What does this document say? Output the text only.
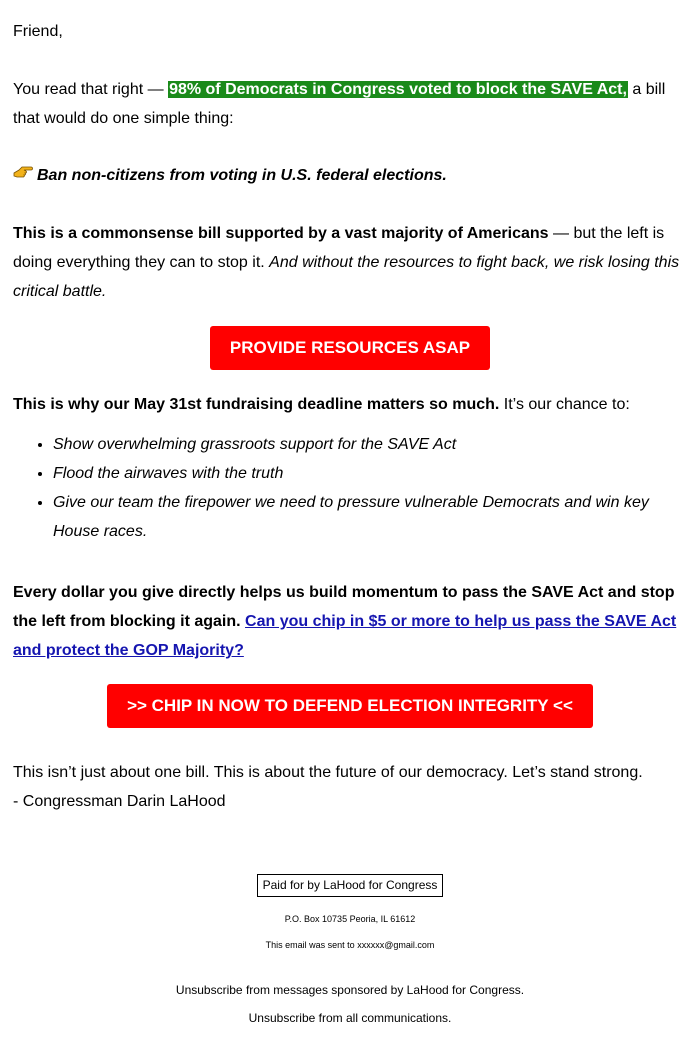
Friend,

You read that right — 98% of Democrats in Congress voted to block the SAVE Act, a bill that would do one simple thing:

Ban non-citizens from voting in U.S. federal elections.

This is a commonsense bill supported by a vast majority of Americans — but the left is doing everything they can to stop it. And without the resources to fight back, we risk losing this critical battle.

PROVIDE RESOURCES ASAP

This is why our May 31st fundraising deadline matters so much. It’s our chance to:

• Show overwhelming grassroots support for the SAVE Act
• Flood the airwaves with the truth
• Give our team the firepower we need to pressure vulnerable Democrats and win key House races.

Every dollar you give directly helps us build momentum to pass the SAVE Act and stop the left from blocking it again. Can you chip in $5 or more to help us pass the SAVE Act and protect the GOP Majority?

>> CHIP IN NOW TO DEFEND ELECTION INTEGRITY <<

This isn’t just about one bill. This is about the future of our democracy. Let’s stand strong.
- Congressman Darin LaHood

Paid for by LaHood for Congress
P.O. Box 10735 Peoria, IL 61612
This email was sent to xxxxxx@gmail.com
Unsubscribe from messages sponsored by LaHood for Congress.
Unsubscribe from all communications.
